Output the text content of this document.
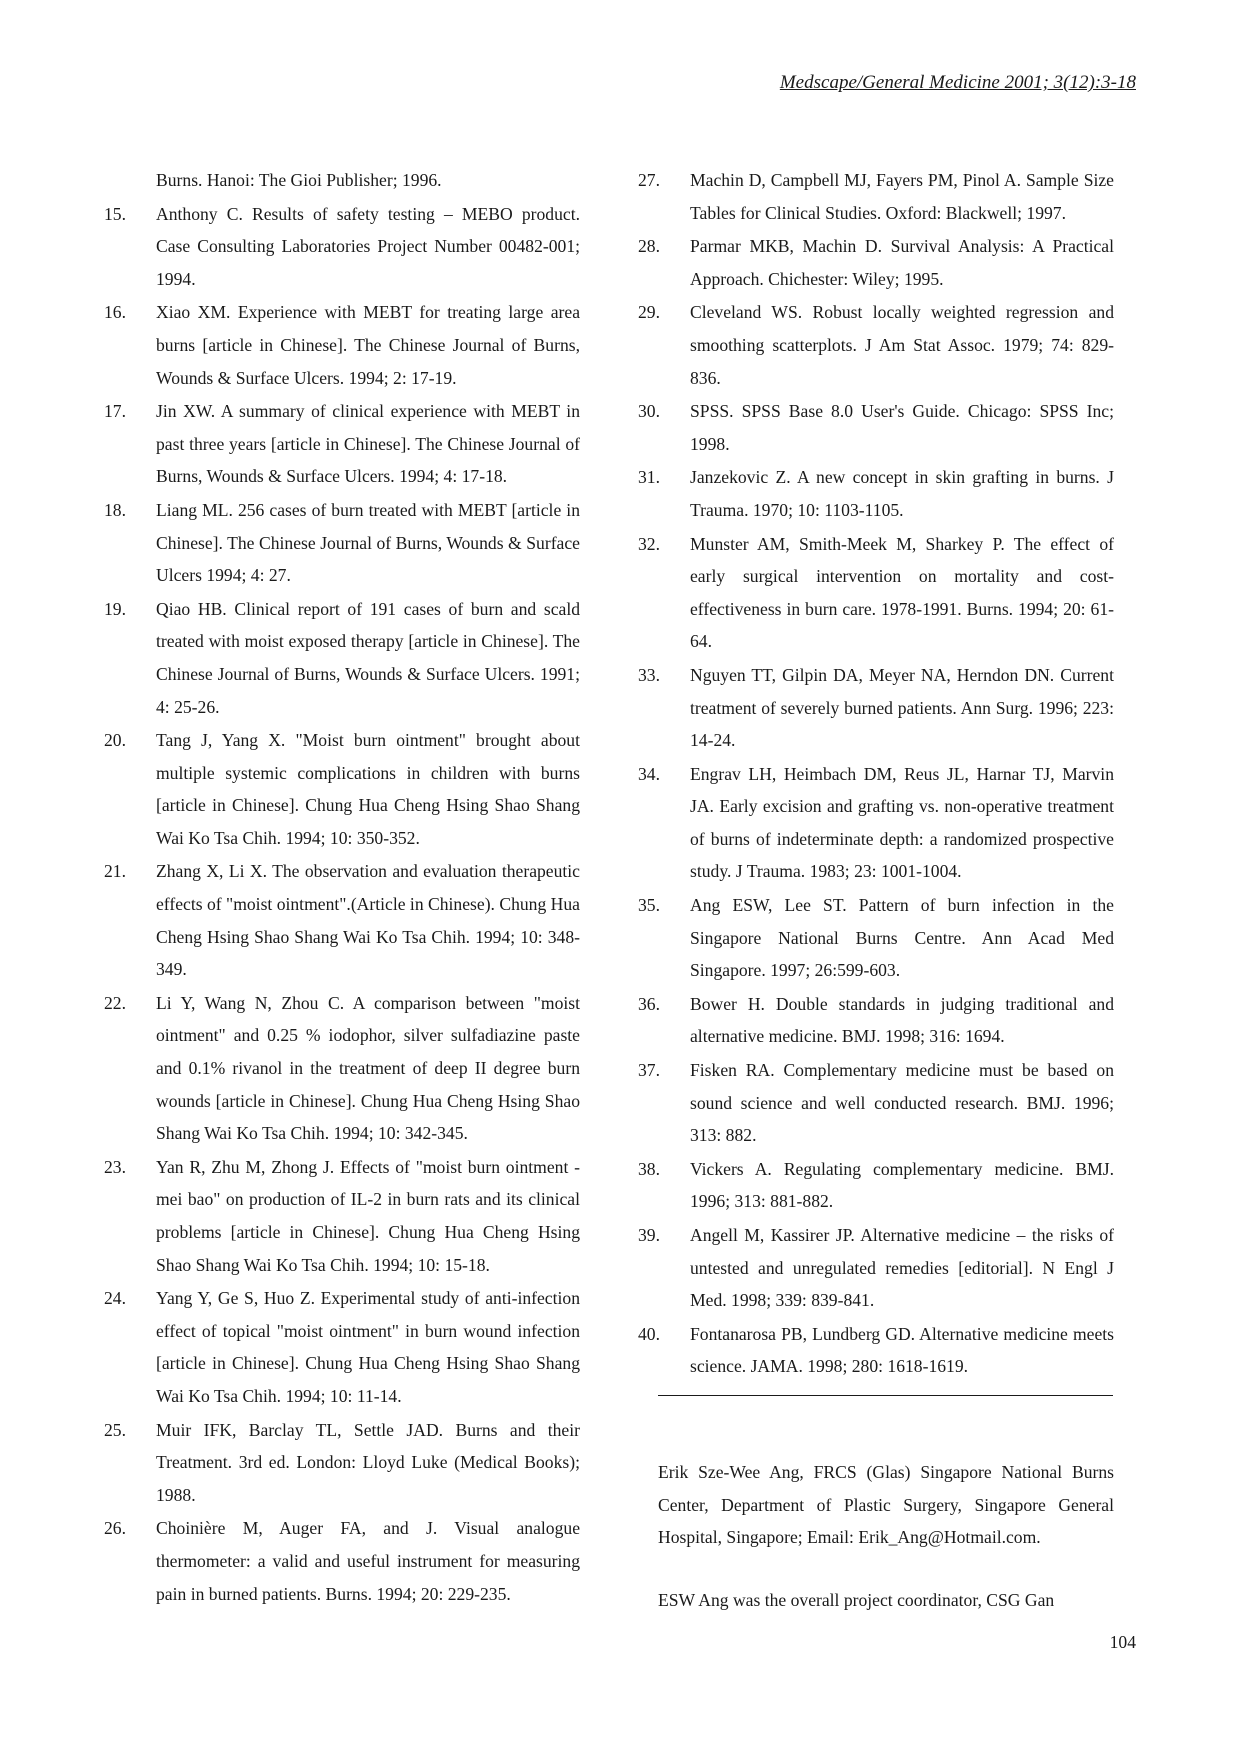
Medscape/General Medicine 2001; 3(12):3-18
Burns. Hanoi: The Gioi Publisher; 1996.
15.	Anthony C. Results of safety testing – MEBO product. Case Consulting Laboratories Project Number 00482-001; 1994.
16.	Xiao XM. Experience with MEBT for treating large area burns [article in Chinese]. The Chinese Journal of Burns, Wounds & Surface Ulcers. 1994; 2: 17-19.
17.	Jin XW. A summary of clinical experience with MEBT in past three years [article in Chinese]. The Chinese Journal of Burns, Wounds & Surface Ulcers. 1994; 4: 17-18.
18.	Liang ML. 256 cases of burn treated with MEBT [article in Chinese]. The Chinese Journal of Burns, Wounds & Surface Ulcers 1994; 4: 27.
19.	Qiao HB. Clinical report of 191 cases of burn and scald treated with moist exposed therapy [article in Chinese]. The Chinese Journal of Burns, Wounds & Surface Ulcers. 1991; 4: 25-26.
20.	Tang J, Yang X. "Moist burn ointment" brought about multiple systemic complications in children with burns [article in Chinese]. Chung Hua Cheng Hsing Shao Shang Wai Ko Tsa Chih. 1994; 10: 350-352.
21.	Zhang X, Li X. The observation and evaluation therapeutic effects of "moist ointment".(Article in Chinese). Chung Hua Cheng Hsing Shao Shang Wai Ko Tsa Chih. 1994; 10: 348-349.
22.	Li Y, Wang N, Zhou C. A comparison between "moist ointment" and 0.25 % iodophor, silver sulfadiazine paste and 0.1% rivanol in the treatment of deep II degree burn wounds [article in Chinese]. Chung Hua Cheng Hsing Shao Shang Wai Ko Tsa Chih. 1994; 10: 342-345.
23.	Yan R, Zhu M, Zhong J. Effects of "moist burn ointment - mei bao" on production of IL-2 in burn rats and its clinical problems [article in Chinese]. Chung Hua Cheng Hsing Shao Shang Wai Ko Tsa Chih. 1994; 10: 15-18.
24.	Yang Y, Ge S, Huo Z. Experimental study of anti-infection effect of topical "moist ointment" in burn wound infection [article in Chinese]. Chung Hua Cheng Hsing Shao Shang Wai Ko Tsa Chih. 1994; 10: 11-14.
25.	Muir IFK, Barclay TL, Settle JAD. Burns and their Treatment. 3rd ed. London: Lloyd Luke (Medical Books); 1988.
26.	Choinière M, Auger FA, and J. Visual analogue thermometer: a valid and useful instrument for measuring pain in burned patients. Burns. 1994; 20: 229-235.
27.	Machin D, Campbell MJ, Fayers PM, Pinol A. Sample Size Tables for Clinical Studies. Oxford: Blackwell; 1997.
28.	Parmar MKB, Machin D. Survival Analysis: A Practical Approach. Chichester: Wiley; 1995.
29.	Cleveland WS. Robust locally weighted regression and smoothing scatterplots. J Am Stat Assoc. 1979; 74: 829-836.
30.	SPSS. SPSS Base 8.0 User's Guide. Chicago: SPSS Inc; 1998.
31.	Janzekovic Z. A new concept in skin grafting in burns. J Trauma. 1970; 10: 1103-1105.
32.	Munster AM, Smith-Meek M, Sharkey P. The effect of early surgical intervention on mortality and cost-effectiveness in burn care. 1978-1991. Burns. 1994; 20: 61-64.
33.	Nguyen TT, Gilpin DA, Meyer NA, Herndon DN. Current treatment of severely burned patients. Ann Surg. 1996; 223: 14-24.
34.	Engrav LH, Heimbach DM, Reus JL, Harnar TJ, Marvin JA. Early excision and grafting vs. non-operative treatment of burns of indeterminate depth: a randomized prospective study. J Trauma. 1983; 23: 1001-1004.
35.	Ang ESW, Lee ST. Pattern of burn infection in the Singapore National Burns Centre. Ann Acad Med Singapore. 1997; 26:599-603.
36.	Bower H. Double standards in judging traditional and alternative medicine. BMJ. 1998; 316: 1694.
37.	Fisken RA. Complementary medicine must be based on sound science and well conducted research. BMJ. 1996; 313: 882.
38.	Vickers A. Regulating complementary medicine. BMJ. 1996; 313: 881-882.
39.	Angell M, Kassirer JP. Alternative medicine – the risks of untested and unregulated remedies [editorial]. N Engl J Med. 1998; 339: 839-841.
40.	Fontanarosa PB, Lundberg GD. Alternative medicine meets science. JAMA. 1998; 280: 1618-1619.
Erik Sze-Wee Ang, FRCS (Glas) Singapore National Burns Center, Department of Plastic Surgery, Singapore General Hospital, Singapore; Email: Erik_Ang@Hotmail.com.
ESW Ang was the overall project coordinator, CSG Gan
104
